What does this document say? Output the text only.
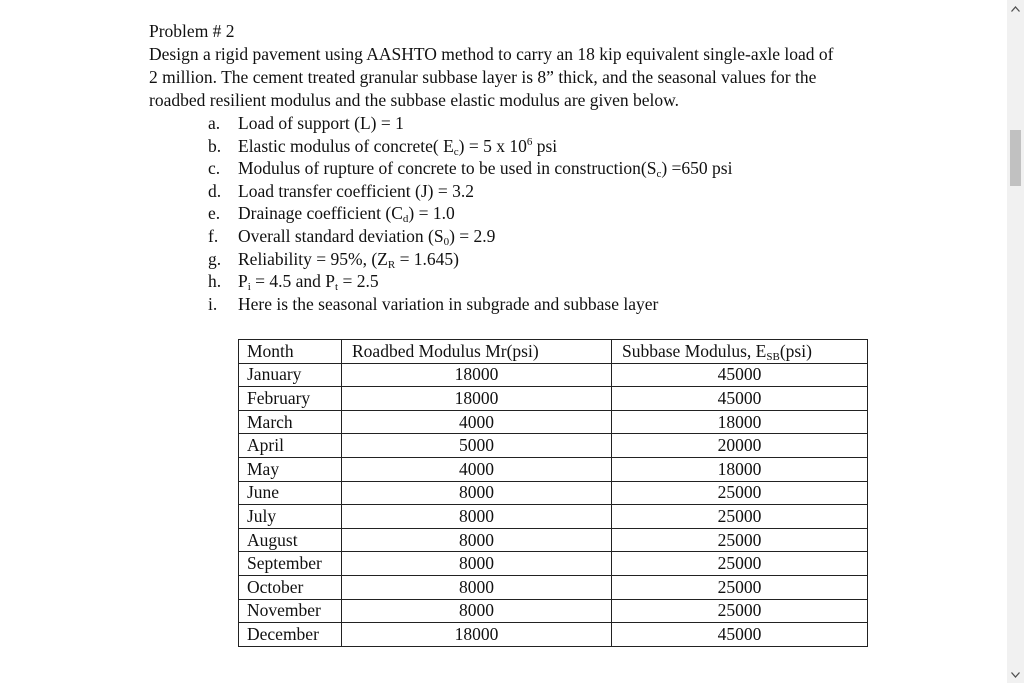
Problem # 2

Design a rigid pavement using AASHTO method to carry an 18 kip equivalent single-axle load of 2 million. The cement treated granular subbase layer is 8” thick, and the seasonal values for the roadbed resilient modulus and the subbase elastic modulus are given below.

a. Load of support (L) = 1
b. Elastic modulus of concrete( $E_c) = 5$ x $10^6$ psi
c. Modulus of rupture of concrete to be used in $construction(S_c) =650$ psi
d. Load transfer coefficient (J) = 3.2
e. Drainage coefficient $(C_d) = 1.0$
f. Overall standard deviation $(S_0) = 2.9$
g. Reliability = 95%, $(Z_R = 1.645)$
h. $P_i = 4.5$ and $P_t = 2.5$
i. Here is the seasonal variation in subgrade and subbase layer
Month	Roadbed Modulus Mr(psi)	Subbase Modulus, $E_{SB}(psi)$
January	18000	45000
February	18000	45000
March	4000	18000
April	5000	20000
May	4000	18000
June	8000	25000
July	8000	25000
August	8000	25000
September	8000	25000
October	8000	25000
November	8000	25000
December	18000	45000
